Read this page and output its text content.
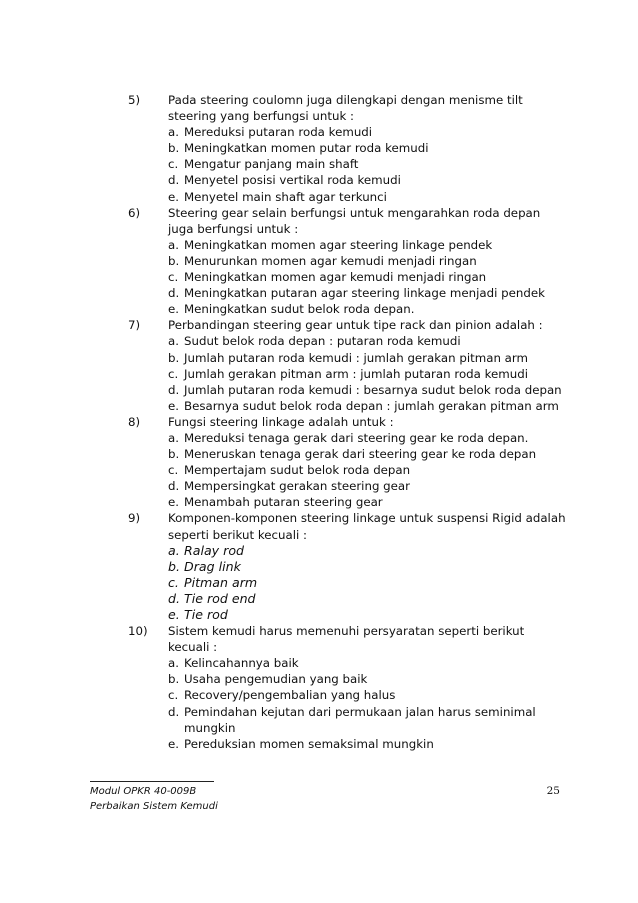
5)	Pada steering coulomn juga dilengkapi dengan menisme tilt steering yang berfungsi untuk :
a. Mereduksi putaran roda kemudi
b. Meningkatkan momen putar roda kemudi
c. Mengatur panjang main shaft
d. Menyetel posisi vertikal roda kemudi
e. Menyetel main shaft agar terkunci
6)	Steering gear selain berfungsi untuk mengarahkan roda depan juga berfungsi untuk :
a. Meningkatkan momen agar steering linkage pendek
b. Menurunkan momen agar kemudi menjadi ringan
c. Meningkatkan momen agar kemudi menjadi ringan
d. Meningkatkan putaran agar steering linkage menjadi pendek
e. Meningkatkan sudut belok roda depan.
7)	Perbandingan steering gear untuk tipe rack dan pinion adalah :
a. Sudut belok roda depan : putaran roda kemudi
b. Jumlah putaran roda kemudi : jumlah gerakan pitman arm
c. Jumlah gerakan pitman arm : jumlah putaran roda kemudi
d. Jumlah putaran roda kemudi : besarnya sudut belok roda depan
e. Besarnya sudut belok roda depan : jumlah gerakan pitman arm
8)	Fungsi steering linkage adalah untuk :
a. Mereduksi tenaga gerak dari steering gear ke roda depan.
b. Meneruskan tenaga gerak dari steering gear ke roda depan
c. Mempertajam sudut belok roda depan
d. Mempersingkat gerakan steering gear
e. Menambah putaran steering gear
9)	Komponen-komponen steering linkage untuk suspensi Rigid adalah seperti berikut kecuali :
a. Ralay rod
b. Drag link
c. Pitman arm
d. Tie rod end
e. Tie rod
10)	Sistem kemudi harus memenuhi persyaratan seperti berikut kecuali :
a. Kelincahannya baik
b. Usaha pengemudian yang baik
c. Recovery/pengembalian yang halus
d. Pemindahan kejutan dari permukaan jalan harus seminimal mungkin
e. Pereduksian momen semaksimal mungkin
Modul OPKR 40-009B
Perbaikan Sistem Kemudi
25
